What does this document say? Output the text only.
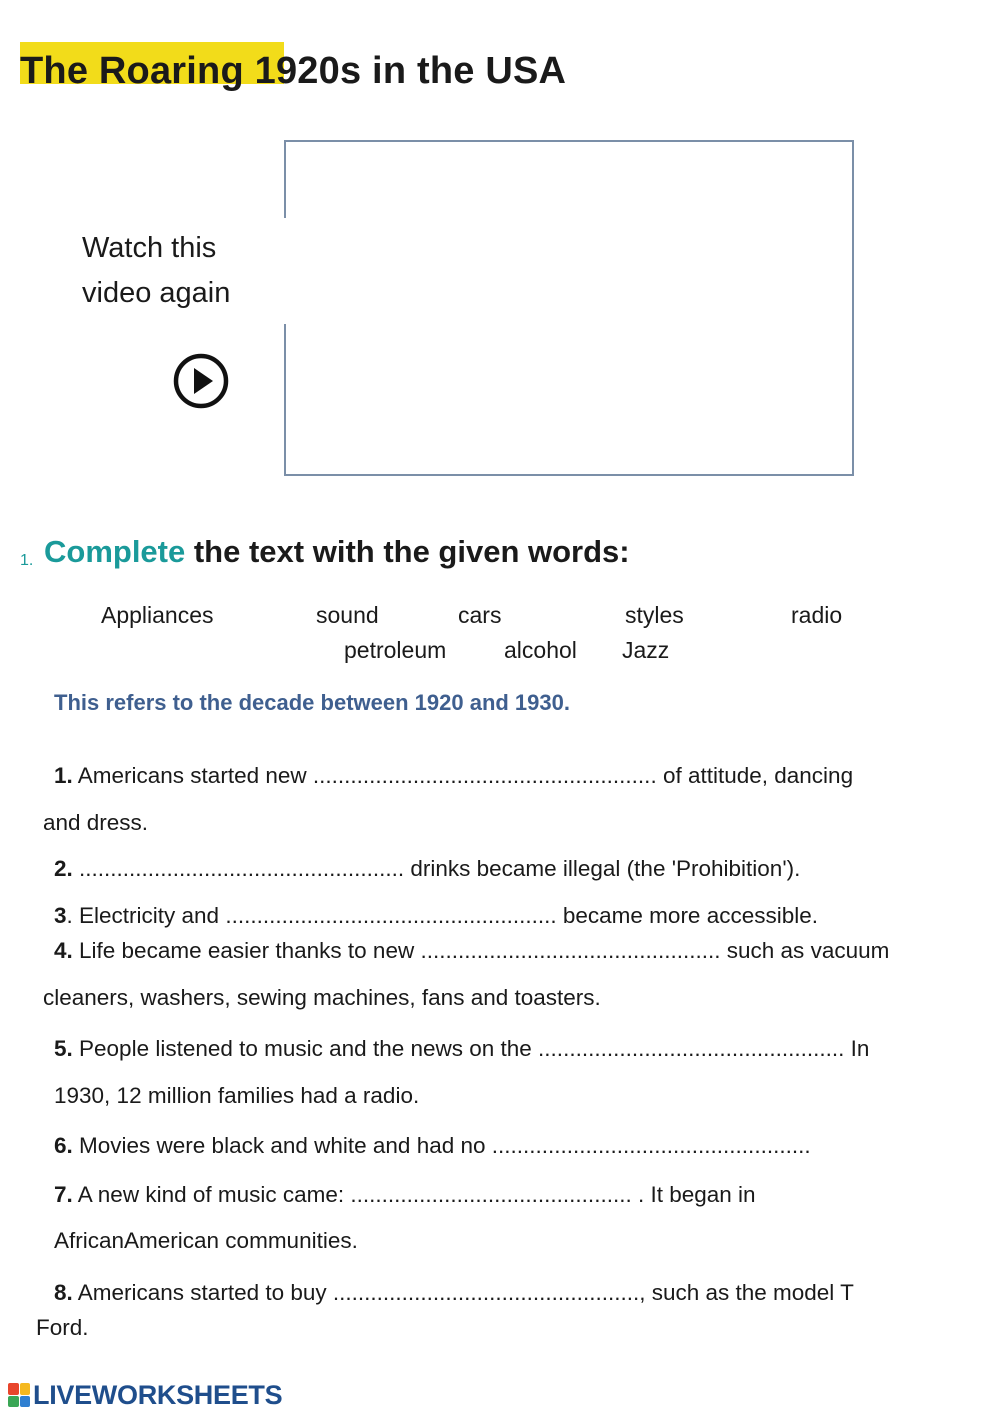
The Roaring 1920s in the USA
Watch this
video again
1. Complete the text with the given words:
Appliances	sound	cars	styles	radio
petroleum	alcohol Jazz
This refers to the decade between 1920 and 1930.
1. Americans started new ....................................................... of attitude, dancing
and dress.
2. .................................................... drinks became illegal (the 'Prohibition').
3. Electricity and ..................................................... became more accessible.
4. Life became easier thanks to new ................................................ such as vacuum
cleaners, washers, sewing machines, fans and toasters.
5. People listened to music and the news on the ................................................. In
1930, 12 million families had a radio.
6. Movies were black and white and had no ...................................................
7. A new kind of music came: ............................................. . It began in
AfricanAmerican communities.
8. Americans started to buy ................................................., such as the model T
Ford.
LIVEWORKSHEETS
